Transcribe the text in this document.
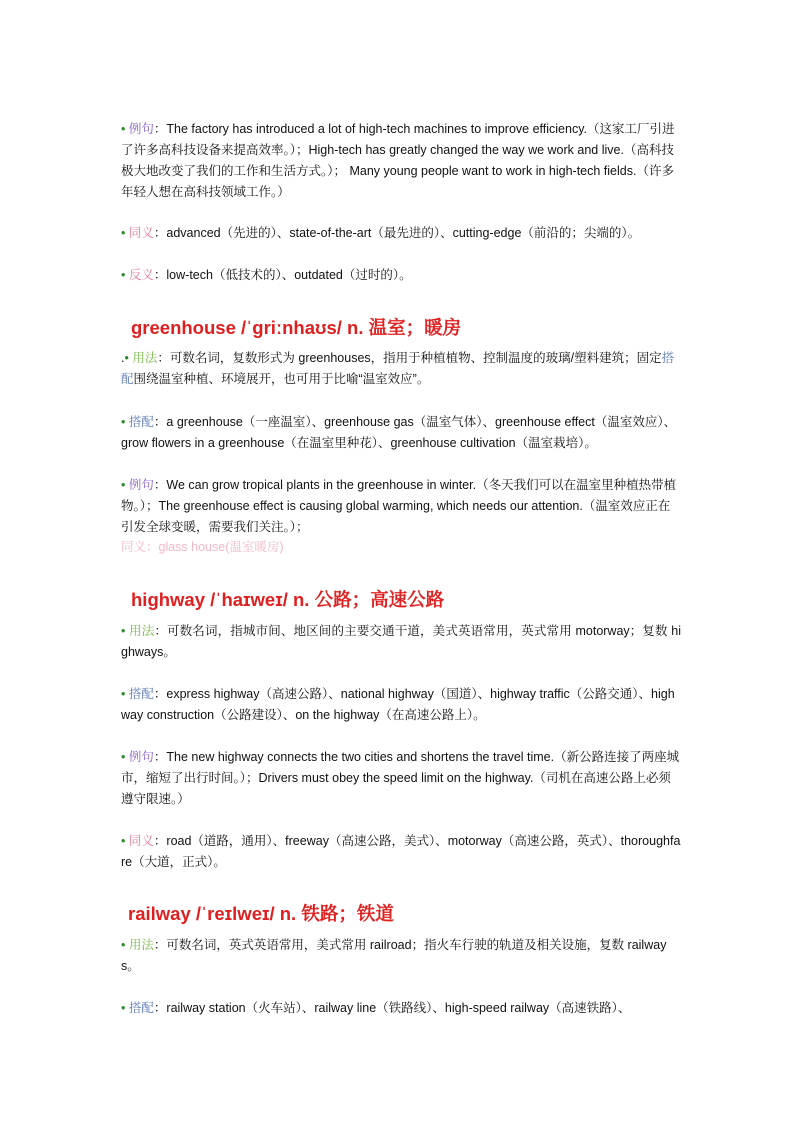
• 例句：The factory has introduced a lot of high-tech machines to improve efficiency.（这家工厂引进了许多高科技设备来提高效率。）；High-tech has greatly changed the way we work and live.（高科技极大地改变了我们的工作和生活方式。）； Many young people want to work in high-tech fields.（许多年轻人想在高科技领域工作。）

• 同义：advanced（先进的）、state-of-the-art（最先进的）、cutting-edge（前沿的；尖端的）。

• 反义：low-tech（低技术的）、outdated（过时的）。

greenhouse /ˈɡriːnhaʊs/ n. 温室；暖房

.• 用法：可数名词，复数形式为 greenhouses，指用于种植植物、控制温度的玻璃/塑料建筑；固定搭配围绕温室种植、环境展开，也可用于比喻“温室效应”。

• 搭配：a greenhouse（一座温室）、greenhouse gas（温室气体）、greenhouse effect（温室效应）、grow flowers in a greenhouse（在温室里种花）、greenhouse cultivation（温室栽培）。

• 例句：We can grow tropical plants in the greenhouse in winter.（冬天我们可以在温室里种植热带植物。）；The greenhouse effect is causing global warming, which needs our attention.（温室效应正在引发全球变暖，需要我们关注。）；

同义：glass house(温室暖房)

highway /ˈhaɪweɪ/ n. 公路；高速公路

• 用法：可数名词，指城市间、地区间的主要交通干道，美式英语常用，英式常用 motorway；复数 highways。

• 搭配：express highway（高速公路）、national highway（国道）、highway traffic（公路交通）、highway construction（公路建设）、on the highway（在高速公路上）。

• 例句：The new highway connects the two cities and shortens the travel time.（新公路连接了两座城市，缩短了出行时间。）；Drivers must obey the speed limit on the highway.（司机在高速公路上必须遵守限速。）

• 同义：road（道路，通用）、freeway（高速公路，美式）、motorway（高速公路，英式）、thoroughfare（大道，正式）。

railway /ˈreɪlweɪ/ n. 铁路；铁道

• 用法：可数名词，英式英语常用，美式常用 railroad；指火车行驶的轨道及相关设施，复数 railways。

• 搭配：railway station（火车站）、railway line（铁路线）、high-speed railway（高速铁路）、
